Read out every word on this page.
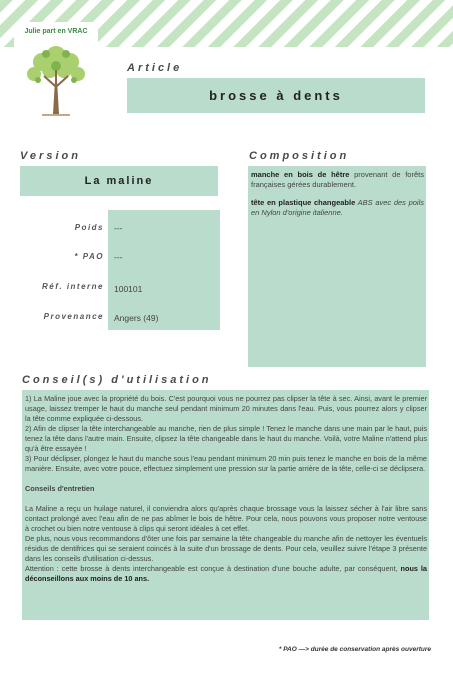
Julie part en VRAC
Article
brosse à dents
Version
La maline
Poids ---
* PAO ---
Réf. interne 100101
Provenance Angers (49)
Composition

manche en bois de hêtre provenant de forêts françaises gérées durablement.

tête en plastique changeable ABS avec des poils en Nylon d'origine italienne.

Conseil(s) d'utilisation

1) La Maline joue avec la propriété du bois. C'est pourquoi vous ne pourrez pas clipser la tête à sec. Ainsi, avant le premier usage, laissez tremper le haut du manche seul pendant minimum 20 minutes dans l'eau. Puis, vous pourrez alors y clipser la tête comme expliquée ci-dessous.

2) Afin de clipser la tête interchangeable au manche, rien de plus simple ! Tenez le manche dans une main par le haut, puis tenez la tête dans l'autre main. Ensuite, clipsez la tête changeable dans le haut du manche. Voilà, votre Maline n'attend plus qu'à être essayée !

3) Pour déclipser, plongez le haut du manche sous l'eau pendant minimum 20 min puis tenez le manche en bois de la même manière. Ensuite, avec votre pouce, effectuez simplement une pression sur la partie arrière de la tête, celle-ci se déclipsera.

Conseils d'entretien

La Maline a reçu un huilage naturel, il conviendra alors qu'après chaque brossage vous la laissez sécher à l'air libre sans contact prolongé avec l'eau afin de ne pas abîmer le bois de hêtre. Pour cela, nous pouvons vous proposer notre ventouse à crochet ou bien notre ventouse à clips qui seront idéales à cet effet.

De plus, nous vous recommandons d'ôter une fois par semaine la tête changeable du manche afin de nettoyer les éventuels résidus de dentifrices qui se seraient coincés à la suite d'un brossage de dents. Pour cela, veuillez suivre l'étape 3 présente dans les conseils d'utilisation ci-dessus.

Attention : cette brosse à dents interchangeable est conçue à destination d'une bouche adulte, par conséquent, nous la déconseillons aux moins de 10 ans.

* PAO —> durée de conservation après ouverture
